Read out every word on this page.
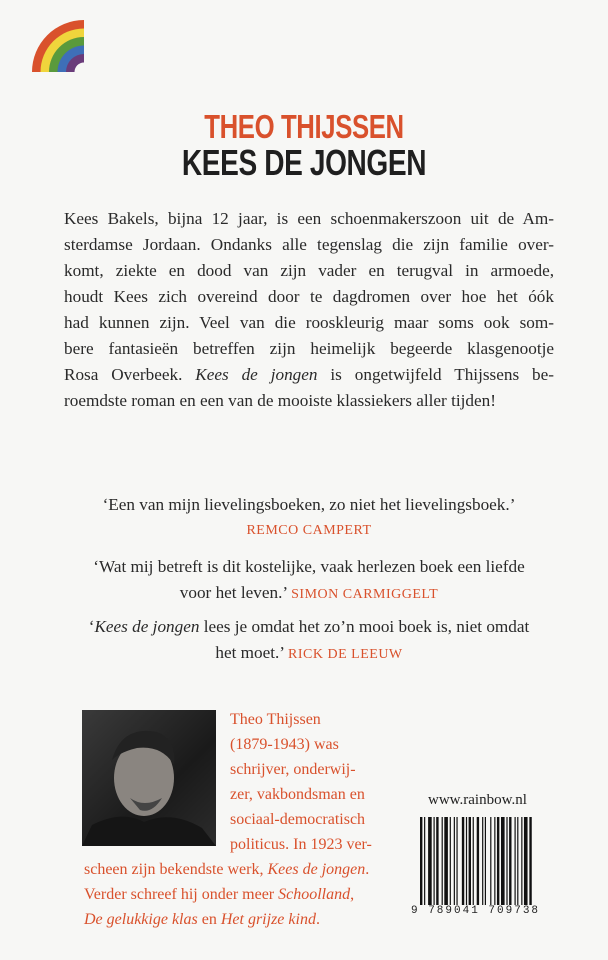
THEO THIJSSEN
KEES DE JONGEN
Kees Bakels, bijna 12 jaar, is een schoenmakerszoon uit de Am-
sterdamse Jordaan. Ondanks alle tegenslag die zijn familie over-
komt, ziekte en dood van zijn vader en terugval in armoede,
houdt Kees zich overeind door te dagdromen over hoe het óók
had kunnen zijn. Veel van die rooskleurig maar soms ook som-
bere fantasieën betreffen zijn heimelijk begeerde klasgenootje
Rosa Overbeek. Kees de jongen is ongetwijfeld Thijssens be-
roemdste roman en een van de mooiste klassiekers aller tijden!
‘Een van mijn lievelingsboeken, zo niet het lievelingsboek.’
REMCO CAMPERT
‘Wat mij betreft is dit kostelijke, vaak herlezen boek een liefde
voor het leven.’ SIMON CARMIGGELT
‘Kees de jongen lees je omdat het zo’n mooi boek is, niet omdat
het moet.’ RICK DE LEEUW
Theo Thijssen
(1879-1943) was
schrijver, onderwij-
zer, vakbondsman en
sociaal-democratisch
politicus. In 1923 ver-
scheen zijn bekendste werk, Kees de jongen.
Verder schreef hij onder meer Schoolland,
De gelukkige klas en Het grijze kind.
www.rainbow.nl
9 789041 709738
